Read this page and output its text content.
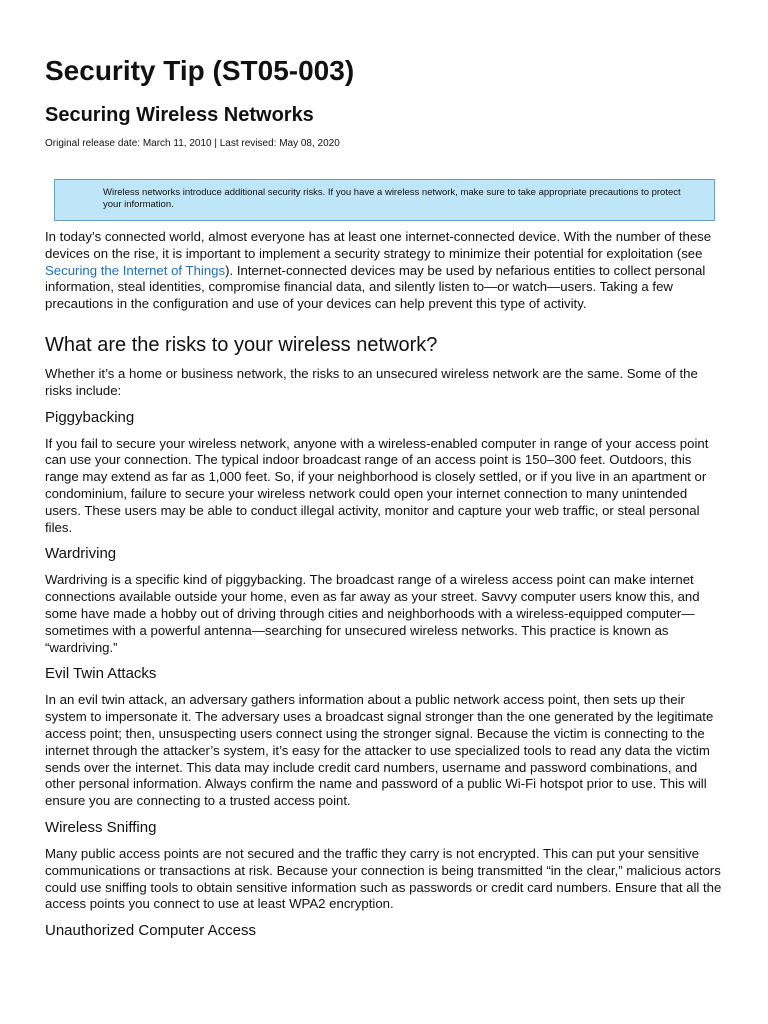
Security Tip (ST05-003)
Securing Wireless Networks

Original release date: March 11, 2010 | Last revised: May 08, 2020

Wireless networks introduce additional security risks. If you have a wireless network, make sure to take appropriate precautions to protect your information.

In today’s connected world, almost everyone has at least one internet-connected device. With the number of these devices on the rise, it is important to implement a security strategy to minimize their potential for exploitation (see Securing the Internet of Things). Internet-connected devices may be used by nefarious entities to collect personal information, steal identities, compromise financial data, and silently listen to—or watch—users. Taking a few precautions in the configuration and use of your devices can help prevent this type of activity.

What are the risks to your wireless network?

Whether it’s a home or business network, the risks to an unsecured wireless network are the same. Some of the risks include:

Piggybacking

If you fail to secure your wireless network, anyone with a wireless-enabled computer in range of your access point can use your connection. The typical indoor broadcast range of an access point is 150–300 feet. Outdoors, this range may extend as far as 1,000 feet. So, if your neighborhood is closely settled, or if you live in an apartment or condominium, failure to secure your wireless network could open your internet connection to many unintended users. These users may be able to conduct illegal activity, monitor and capture your web traffic, or steal personal files.

Wardriving

Wardriving is a specific kind of piggybacking. The broadcast range of a wireless access point can make internet connections available outside your home, even as far away as your street. Savvy computer users know this, and some have made a hobby out of driving through cities and neighborhoods with a wireless-equipped computer—sometimes with a powerful antenna—searching for unsecured wireless networks. This practice is known as “wardriving.”

Evil Twin Attacks

In an evil twin attack, an adversary gathers information about a public network access point, then sets up their system to impersonate it. The adversary uses a broadcast signal stronger than the one generated by the legitimate access point; then, unsuspecting users connect using the stronger signal. Because the victim is connecting to the internet through the attacker’s system, it’s easy for the attacker to use specialized tools to read any data the victim sends over the internet. This data may include credit card numbers, username and password combinations, and other personal information. Always confirm the name and password of a public Wi-Fi hotspot prior to use. This will ensure you are connecting to a trusted access point.

Wireless Sniffing

Many public access points are not secured and the traffic they carry is not encrypted. This can put your sensitive communications or transactions at risk. Because your connection is being transmitted “in the clear,” malicious actors could use sniffing tools to obtain sensitive information such as passwords or credit card numbers. Ensure that all the access points you connect to use at least WPA2 encryption.

Unauthorized Computer Access
